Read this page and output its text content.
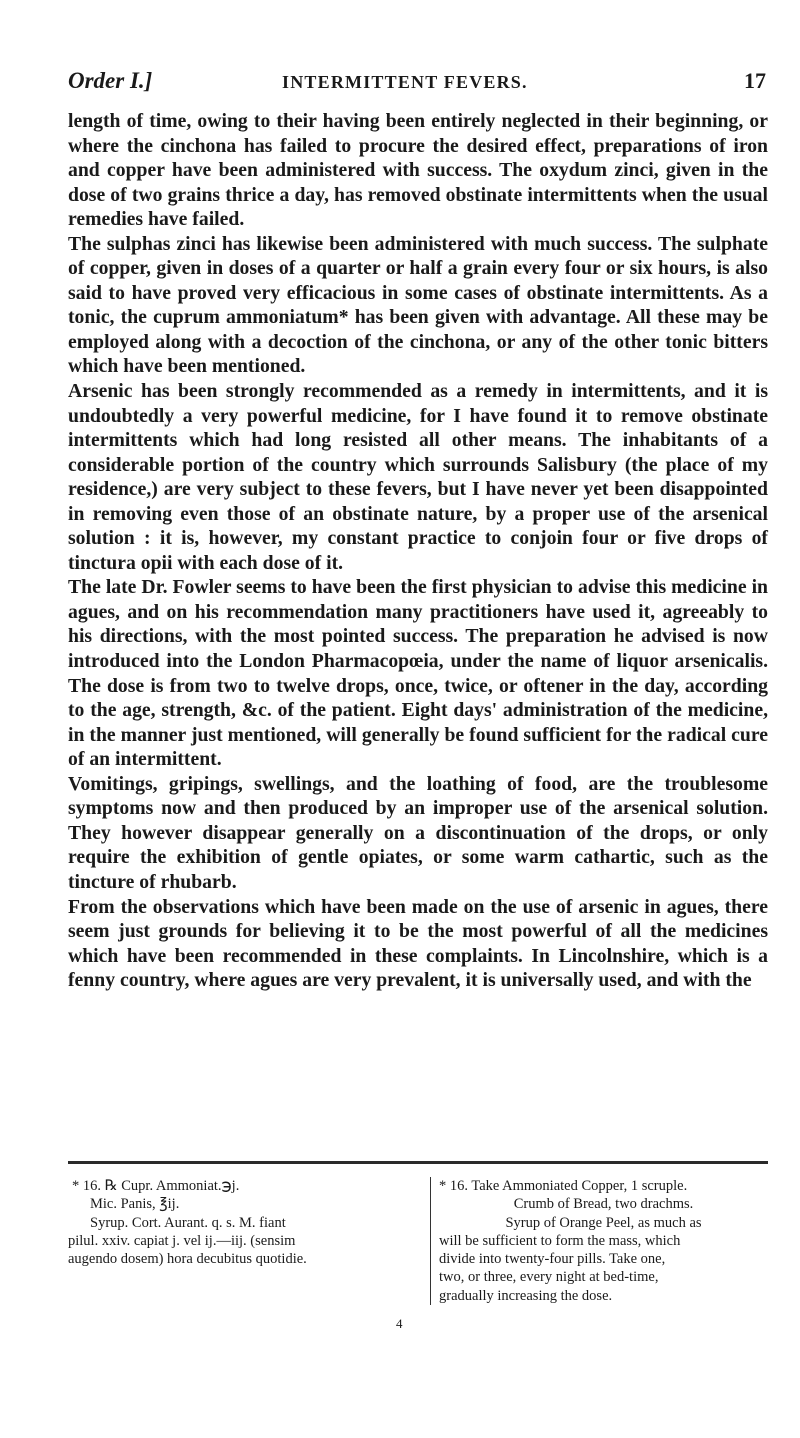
Order I.]	INTERMITTENT FEVERS.	17

length of time, owing to their having been entirely neglected in their beginning, or where the cinchona has failed to procure the desired effect, preparations of iron and copper have been administered with success. The oxydum zinci, given in the dose of two grains thrice a day, has removed obstinate intermittents when the usual remedies have failed.

The sulphas zinci has likewise been administered with much success. The sulphate of copper, given in doses of a quarter or half a grain every four or six hours, is also said to have proved very efficacious in some cases of obstinate intermittents. As a tonic, the cuprum ammoniatum* has been given with advantage. All these may be employed along with a decoction of the cinchona, or any of the other tonic bitters which have been mentioned.

Arsenic has been strongly recommended as a remedy in intermittents, and it is undoubtedly a very powerful medicine, for I have found it to remove obstinate intermittents which had long resisted all other means. The inhabitants of a considerable portion of the country which surrounds Salisbury (the place of my residence,) are very subject to these fevers, but I have never yet been disappointed in removing even those of an obstinate nature, by a proper use of the arsenical solution : it is, however, my constant practice to conjoin four or five drops of tinctura opii with each dose of it.

The late Dr. Fowler seems to have been the first physician to advise this medicine in agues, and on his recommendation many practitioners have used it, agreeably to his directions, with the most pointed success. The preparation he advised is now introduced into the London Pharmacopœia, under the name of liquor arsenicalis. The dose is from two to twelve drops, once, twice, or oftener in the day, according to the age, strength, &c. of the patient. Eight days' administration of the medicine, in the manner just mentioned, will generally be found sufficient for the radical cure of an intermittent.

Vomitings, gripings, swellings, and the loathing of food, are the troublesome symptoms now and then produced by an improper use of the arsenical solution. They however disappear generally on a discontinuation of the drops, or only require the exhibition of gentle opiates, or some warm cathartic, such as the tincture of rhubarb.

From the observations which have been made on the use of arsenic in agues, there seem just grounds for believing it to be the most powerful of all the medicines which have been recommended in these complaints. In Lincolnshire, which is a fenny country, where agues are very prevalent, it is universally used, and with the

* 16. ℞ Cupr. Ammoniat.℈j.
Mic. Panis, ℥ij.
Syrup. Cort. Aurant. q. s. M. fiant
pilul. xxiv. capiat j. vel ij.—iij. (sensim
augendo dosem) hora decubitus quotidie.
* 16. Take Ammoniated Copper, 1 scruple.
Crumb of Bread, two drachms.
Syrup of Orange Peel, as much as
will be sufficient to form the mass, which
divide into twenty-four pills. Take one,
two, or three, every night at bed-time,
gradually increasing the dose.
4
